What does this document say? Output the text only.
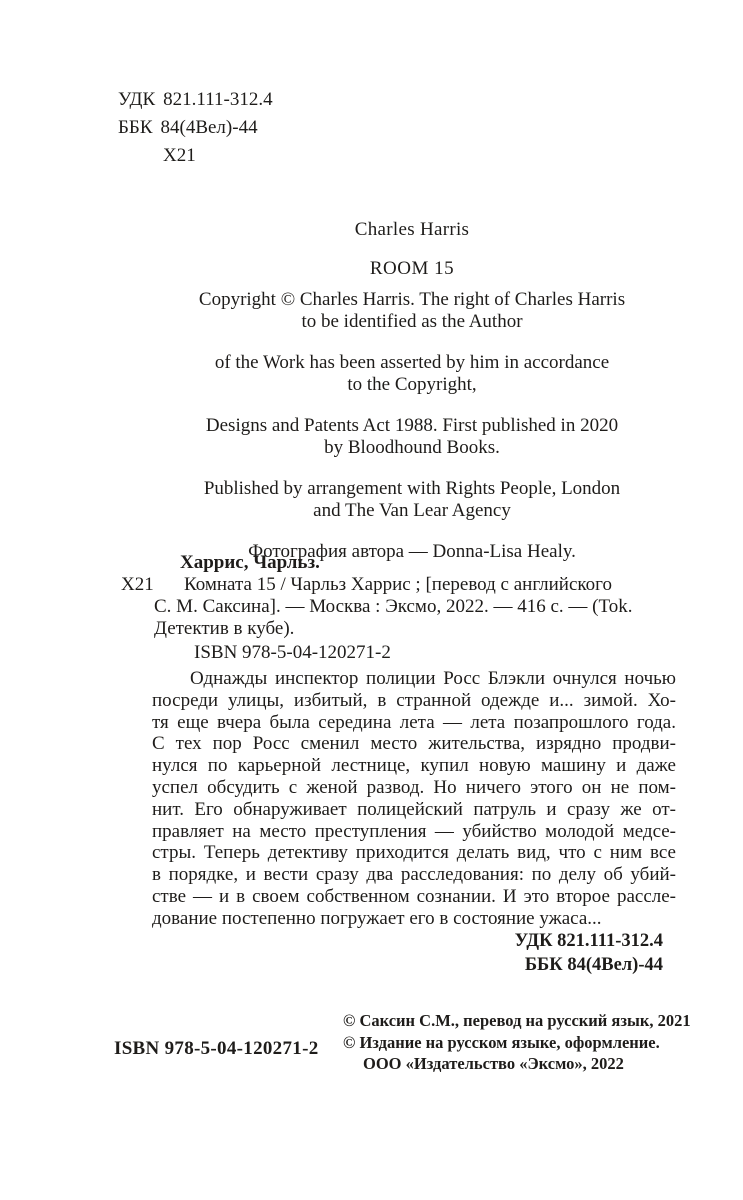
УДК 821.111-312.4
ББК 84(4Вел)-44
Х21
Charles Harris
ROOM 15

Copyright © Charles Harris. The right of Charles Harris
to be identified as the Author

of the Work has been asserted by him in accordance
to the Copyright,

Designs and Patents Act 1988. First published in 2020
by Bloodhound Books.

Published by arrangement with Rights People, London
and The Van Lear Agency

Фотография автора — Donna-Lisa Healy.

Х21
Харрис, Чарльз.
Комната 15 / Чарльз Харрис ; [перевод с английского
С. М. Саксина]. — Москва : Эксмо, 2022. — 416 с. — (Tok.
Детектив в кубе).
ISBN 978-5-04-120271-2
Однажды инспектор полиции Росс Блэкли очнулся ночью
посреди улицы, избитый, в странной одежде и... зимой. Хо-
тя еще вчера была середина лета — лета позапрошлого года.
С тех пор Росс сменил место жительства, изрядно продви-
нулся по карьерной лестнице, купил новую машину и даже
успел обсудить с женой развод. Но ничего этого он не пом-
нит. Его обнаруживает полицейский патруль и сразу же от-
правляет на место преступления — убийство молодой медсе-
стры. Теперь детективу приходится делать вид, что с ним все
в порядке, и вести сразу два расследования: по делу об убий-
стве — и в своем собственном сознании. И это второе рассле-
дование постепенно погружает его в состояние ужаса...
УДК 821.111-312.4
ББК 84(4Вел)-44
ISBN 978-5-04-120271-2
© Саксин С.М., перевод на русский язык, 2021
© Издание на русском языке, оформление.
ООО «Издательство «Эксмо», 2022
